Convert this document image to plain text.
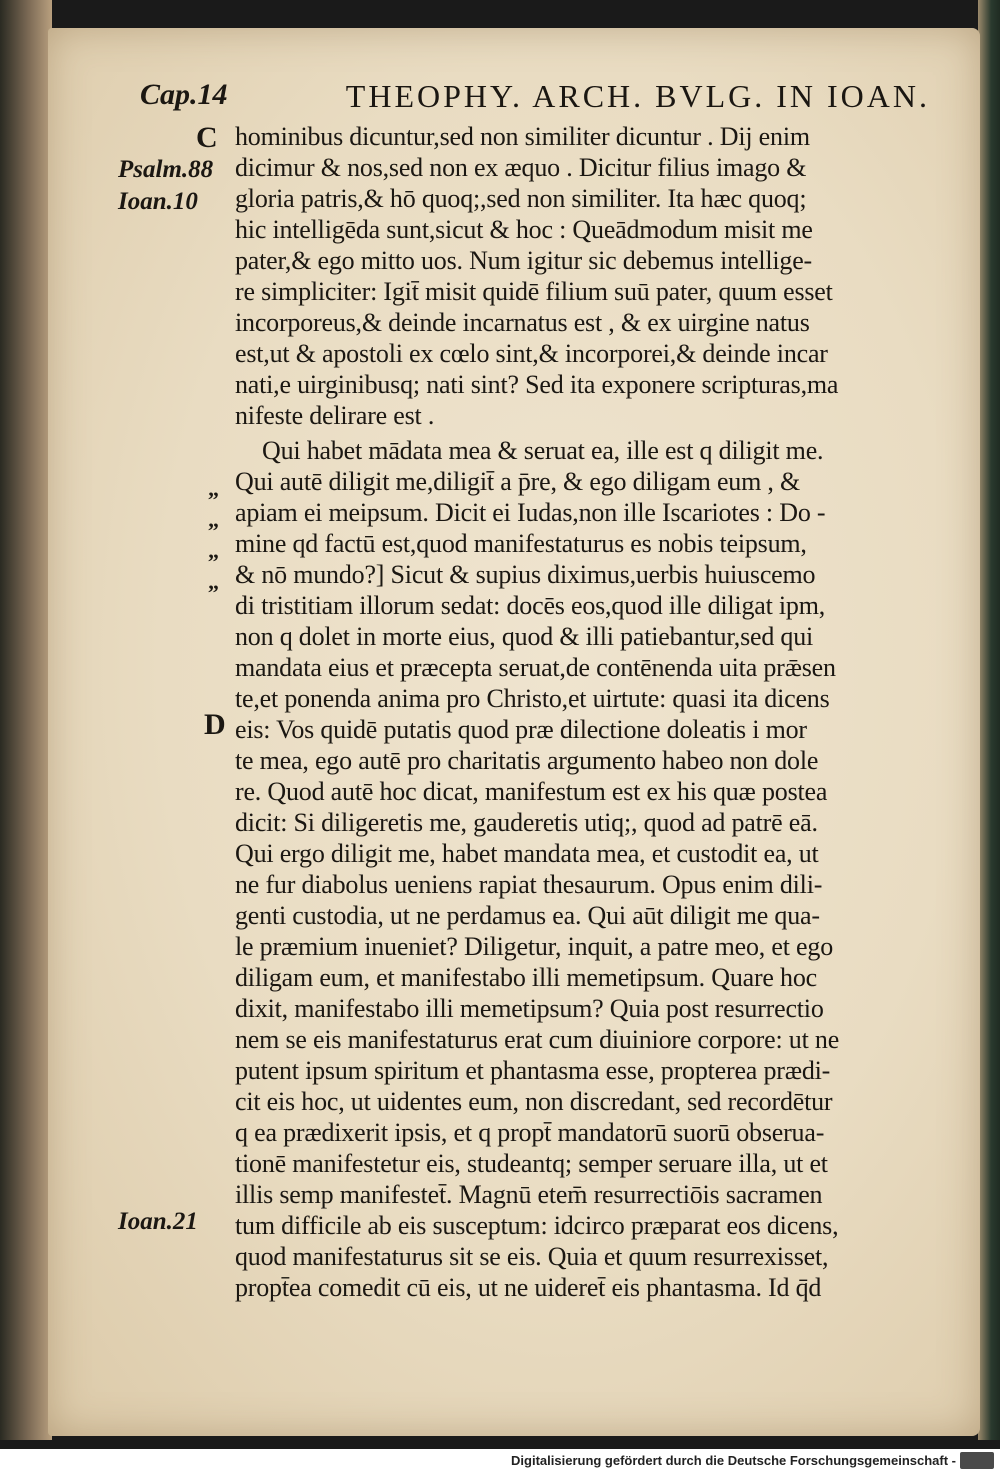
Cap.14	THEOPHY. ARCH. BVLG. IN IOAN.
C
Psalm.88
Ioan.10
„
„
„
„
D
Ioan.21
hominibus dicuntur,sed non similiter dicuntur . Dij enim
dicimur & nos,sed non ex æquo . Dicitur filius imago &
gloria patris,& hō quoq;,sed non similiter. Ita hæc quoq;
hic intelligēda sunt,sicut & hoc : Queādmodum misit me
pater,& ego mitto uos. Num igitur sic debemus intellige-
re simpliciter: Igit̄ misit quidē filium suū pater, quum esset
incorporeus,& deinde incarnatus est , & ex uirgine natus
est,ut & apostoli ex cœlo sint,& incorporei,& deinde incar
nati,e uirginibusq; nati sint? Sed ita exponere scripturas,ma
nifeste delirare est .
Qui habet mādata mea & seruat ea, ille est q diligit me.
Qui autē diligit me,diligit̄ a p̄re, & ego diligam eum , &
apiam ei meipsum. Dicit ei Iudas,non ille Iscariotes : Do -
mine qd factū est,quod manifestaturus es nobis teipsum,
& nō mundo?] Sicut & supius diximus,uerbis huiuscemo
di tristitiam illorum sedat: docēs eos,quod ille diligat ipm,
non q dolet in morte eius, quod & illi patiebantur,sed qui
mandata eius et præcepta seruat,de contēnenda uita prǣsen
te,et ponenda anima pro Christo,et uirtute: quasi ita dicens
eis: Vos quidē putatis quod præ dilectione doleatis i mor
te mea, ego autē pro charitatis argumento habeo non dole
re. Quod autē hoc dicat, manifestum est ex his quæ postea
dicit: Si diligeretis me, gauderetis utiq;, quod ad patrē eā.
Qui ergo diligit me, habet mandata mea, et custodit ea, ut
ne fur diabolus ueniens rapiat thesaurum. Opus enim dili-
genti custodia, ut ne perdamus ea. Qui aūt diligit me qua-
le præmium inueniet? Diligetur, inquit, a patre meo, et ego
diligam eum, et manifestabo illi memetipsum. Quare hoc
dixit, manifestabo illi memetipsum? Quia post resurrectio
nem se eis manifestaturus erat cum diuiniore corpore: ut ne
putent ipsum spiritum et phantasma esse, propterea prædi-
cit eis hoc, ut uidentes eum, non discredant, sed recordētur
q ea prædixerit ipsis, et q propt̄ mandatorū suorū obserua-
tionē manifestetur eis, studeantq; semper seruare illa, ut et
illis semp manifestet̄. Magnū etem̄ resurrectiōis sacramen
tum difficile ab eis susceptum: idcirco præparat eos dicens,
quod manifestaturus sit se eis. Quia et quum resurrexisset,
propt̄ea comedit cū eis, ut ne uideret̄ eis phantasma. Id q̄d
Digitalisierung gefördert durch die Deutsche Forschungsgemeinschaft -
